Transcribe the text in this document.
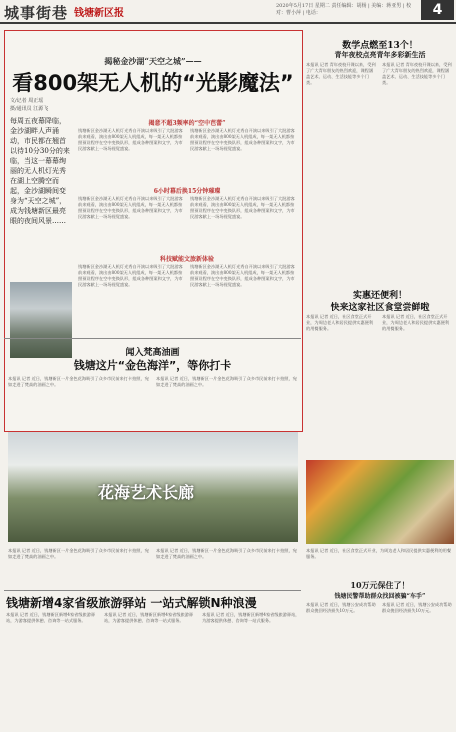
城事街巷 钱塘新区报
2020年5月17日 星期二 责任编辑：胡杨 | 美编：蒋亚男 | 校对：曹小萍 | 电话：	4
揭秘金沙湖“天空之城”——
看800架无人机的“光影魔法”
文/记者 周正瑶
摄/通讯员 江源飞
每周五夜幕降临，金沙湖畔人声涌动，市民都在翘首以待10分30分的来临，当这一幕幕绚丽的无人机灯光秀在湖上空腾空而起，金沙湖瞬间变身为“天空之城”，成为钱塘新区最亮眼的夜间风景……
揭意不超3频率的“空中芭蕾”
钱塘新区金沙湖无人机灯光秀自开演以来吸引了大批游客前来观看，演出由800架无人机组成，每一架无人机都按照预设程序在空中变换队形，组成各种图案和文字，为市民游客献上一场场视觉盛宴。
钱塘新区金沙湖无人机灯光秀自开演以来吸引了大批游客前来观看，演出由800架无人机组成，每一架无人机都按照预设程序在空中变换队形，组成各种图案和文字，为市民游客献上一场场视觉盛宴。
6小时幕后换15分钟璀璨
钱塘新区金沙湖无人机灯光秀自开演以来吸引了大批游客前来观看，演出由800架无人机组成，每一架无人机都按照预设程序在空中变换队形，组成各种图案和文字，为市民游客献上一场场视觉盛宴。
钱塘新区金沙湖无人机灯光秀自开演以来吸引了大批游客前来观看，演出由800架无人机组成，每一架无人机都按照预设程序在空中变换队形，组成各种图案和文字，为市民游客献上一场场视觉盛宴。
科技赋能文旅新体验
钱塘新区金沙湖无人机灯光秀自开演以来吸引了大批游客前来观看，演出由800架无人机组成，每一架无人机都按照预设程序在空中变换队形，组成各种图案和文字，为市民游客献上一场场视觉盛宴。
钱塘新区金沙湖无人机灯光秀自开演以来吸引了大批游客前来观看，演出由800架无人机组成，每一架无人机都按照预设程序在空中变换队形，组成各种图案和文字，为市民游客献上一场场视觉盛宴。
闻入梵高油画
钱塘这片“金色海洋”，等你打卡
本报讯 记者 近日，钱塘新区一片金色花海吸引了众多市民前来打卡拍照，宛如走进了梵高的油画之中。
本报讯 记者 近日，钱塘新区一片金色花海吸引了众多市民前来打卡拍照，宛如走进了梵高的油画之中。
花海艺术长廊
本报讯 记者 近日，钱塘新区一片金色花海吸引了众多市民前来打卡拍照，宛如走进了梵高的油画之中。
本报讯 记者 近日，钱塘新区一片金色花海吸引了众多市民前来打卡拍照，宛如走进了梵高的油画之中。
数学点燃至13个！
青年夜校点亮青年多彩新生活
本报讯 记者 青年夜校开课以来，受到了广大青年朋友的热烈欢迎，课程涵盖艺术、运动、生活技能等多个门类。
本报讯 记者 青年夜校开课以来，受到了广大青年朋友的热烈欢迎，课程涵盖艺术、运动、生活技能等多个门类。
实惠还便利！
快来这家社区食堂尝鲜啦
本报讯 记者 近日，社区食堂正式开业，为周边老人和居民提供实惠便利的用餐服务。
本报讯 记者 近日，社区食堂正式开业，为周边老人和居民提供实惠便利的用餐服务。
本报讯 记者 近日，社区食堂正式开业，为周边老人和居民提供实惠便利的用餐服务。
钱塘新增4家省级旅游驿站 一站式解锁N种浪漫
本报讯 记者 近日，钱塘新区新增4家省级旅游驿站，为游客提供休憩、咨询等一站式服务。
本报讯 记者 近日，钱塘新区新增4家省级旅游驿站，为游客提供休憩、咨询等一站式服务。
本报讯 记者 近日，钱塘新区新增4家省级旅游驿站，为游客提供休憩、咨询等一站式服务。
10万元保住了！
钱塘民警帮助群众找回被骗“车手”
本报讯 记者 近日，钱塘公安成功帮助群众挽回经济损失10万元。
本报讯 记者 近日，钱塘公安成功帮助群众挽回经济损失10万元。
